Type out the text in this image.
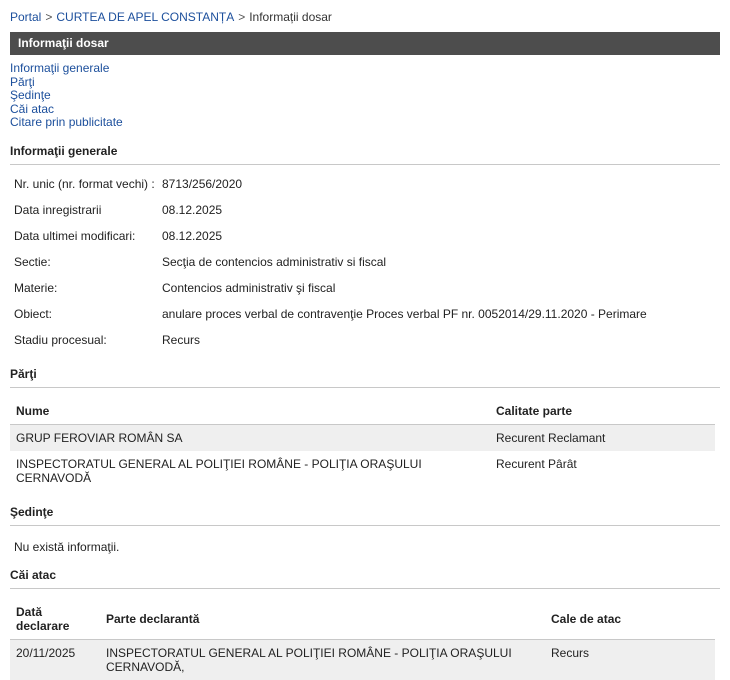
Portal > CURTEA DE APEL CONSTANȚA > Informații dosar
Informaţii dosar
Informaţii generale
Părţi
Şedinţe
Căi atac
Citare prin publicitate
Informaţii generale
Nr. unic (nr. format vechi) :	8713/256/2020
Data inregistrarii	08.12.2025
Data ultimei modificari:	08.12.2025
Sectie:	Secţia de contencios administrativ si fiscal
Materie:	Contencios administrativ şi fiscal
Obiect:	anulare proces verbal de contravenţie Proces verbal PF nr. 0052014/29.11.2020 - Perimare
Stadiu procesual:	Recurs
Părţi
Nume	Calitate parte
GRUP FEROVIAR ROMÂN SA	Recurent Reclamant
INSPECTORATUL GENERAL AL POLIŢIEI ROMÂNE - POLIŢIA ORAŞULUI CERNAVODĂ	Recurent Pârât
Şedinţe
Nu există informaţii.
Căi atac
Dată declarare	Parte declarantă	Cale de atac
20/11/2025	INSPECTORATUL GENERAL AL POLIŢIEI ROMÂNE - POLIŢIA ORAŞULUI CERNAVODĂ,	Recurs
